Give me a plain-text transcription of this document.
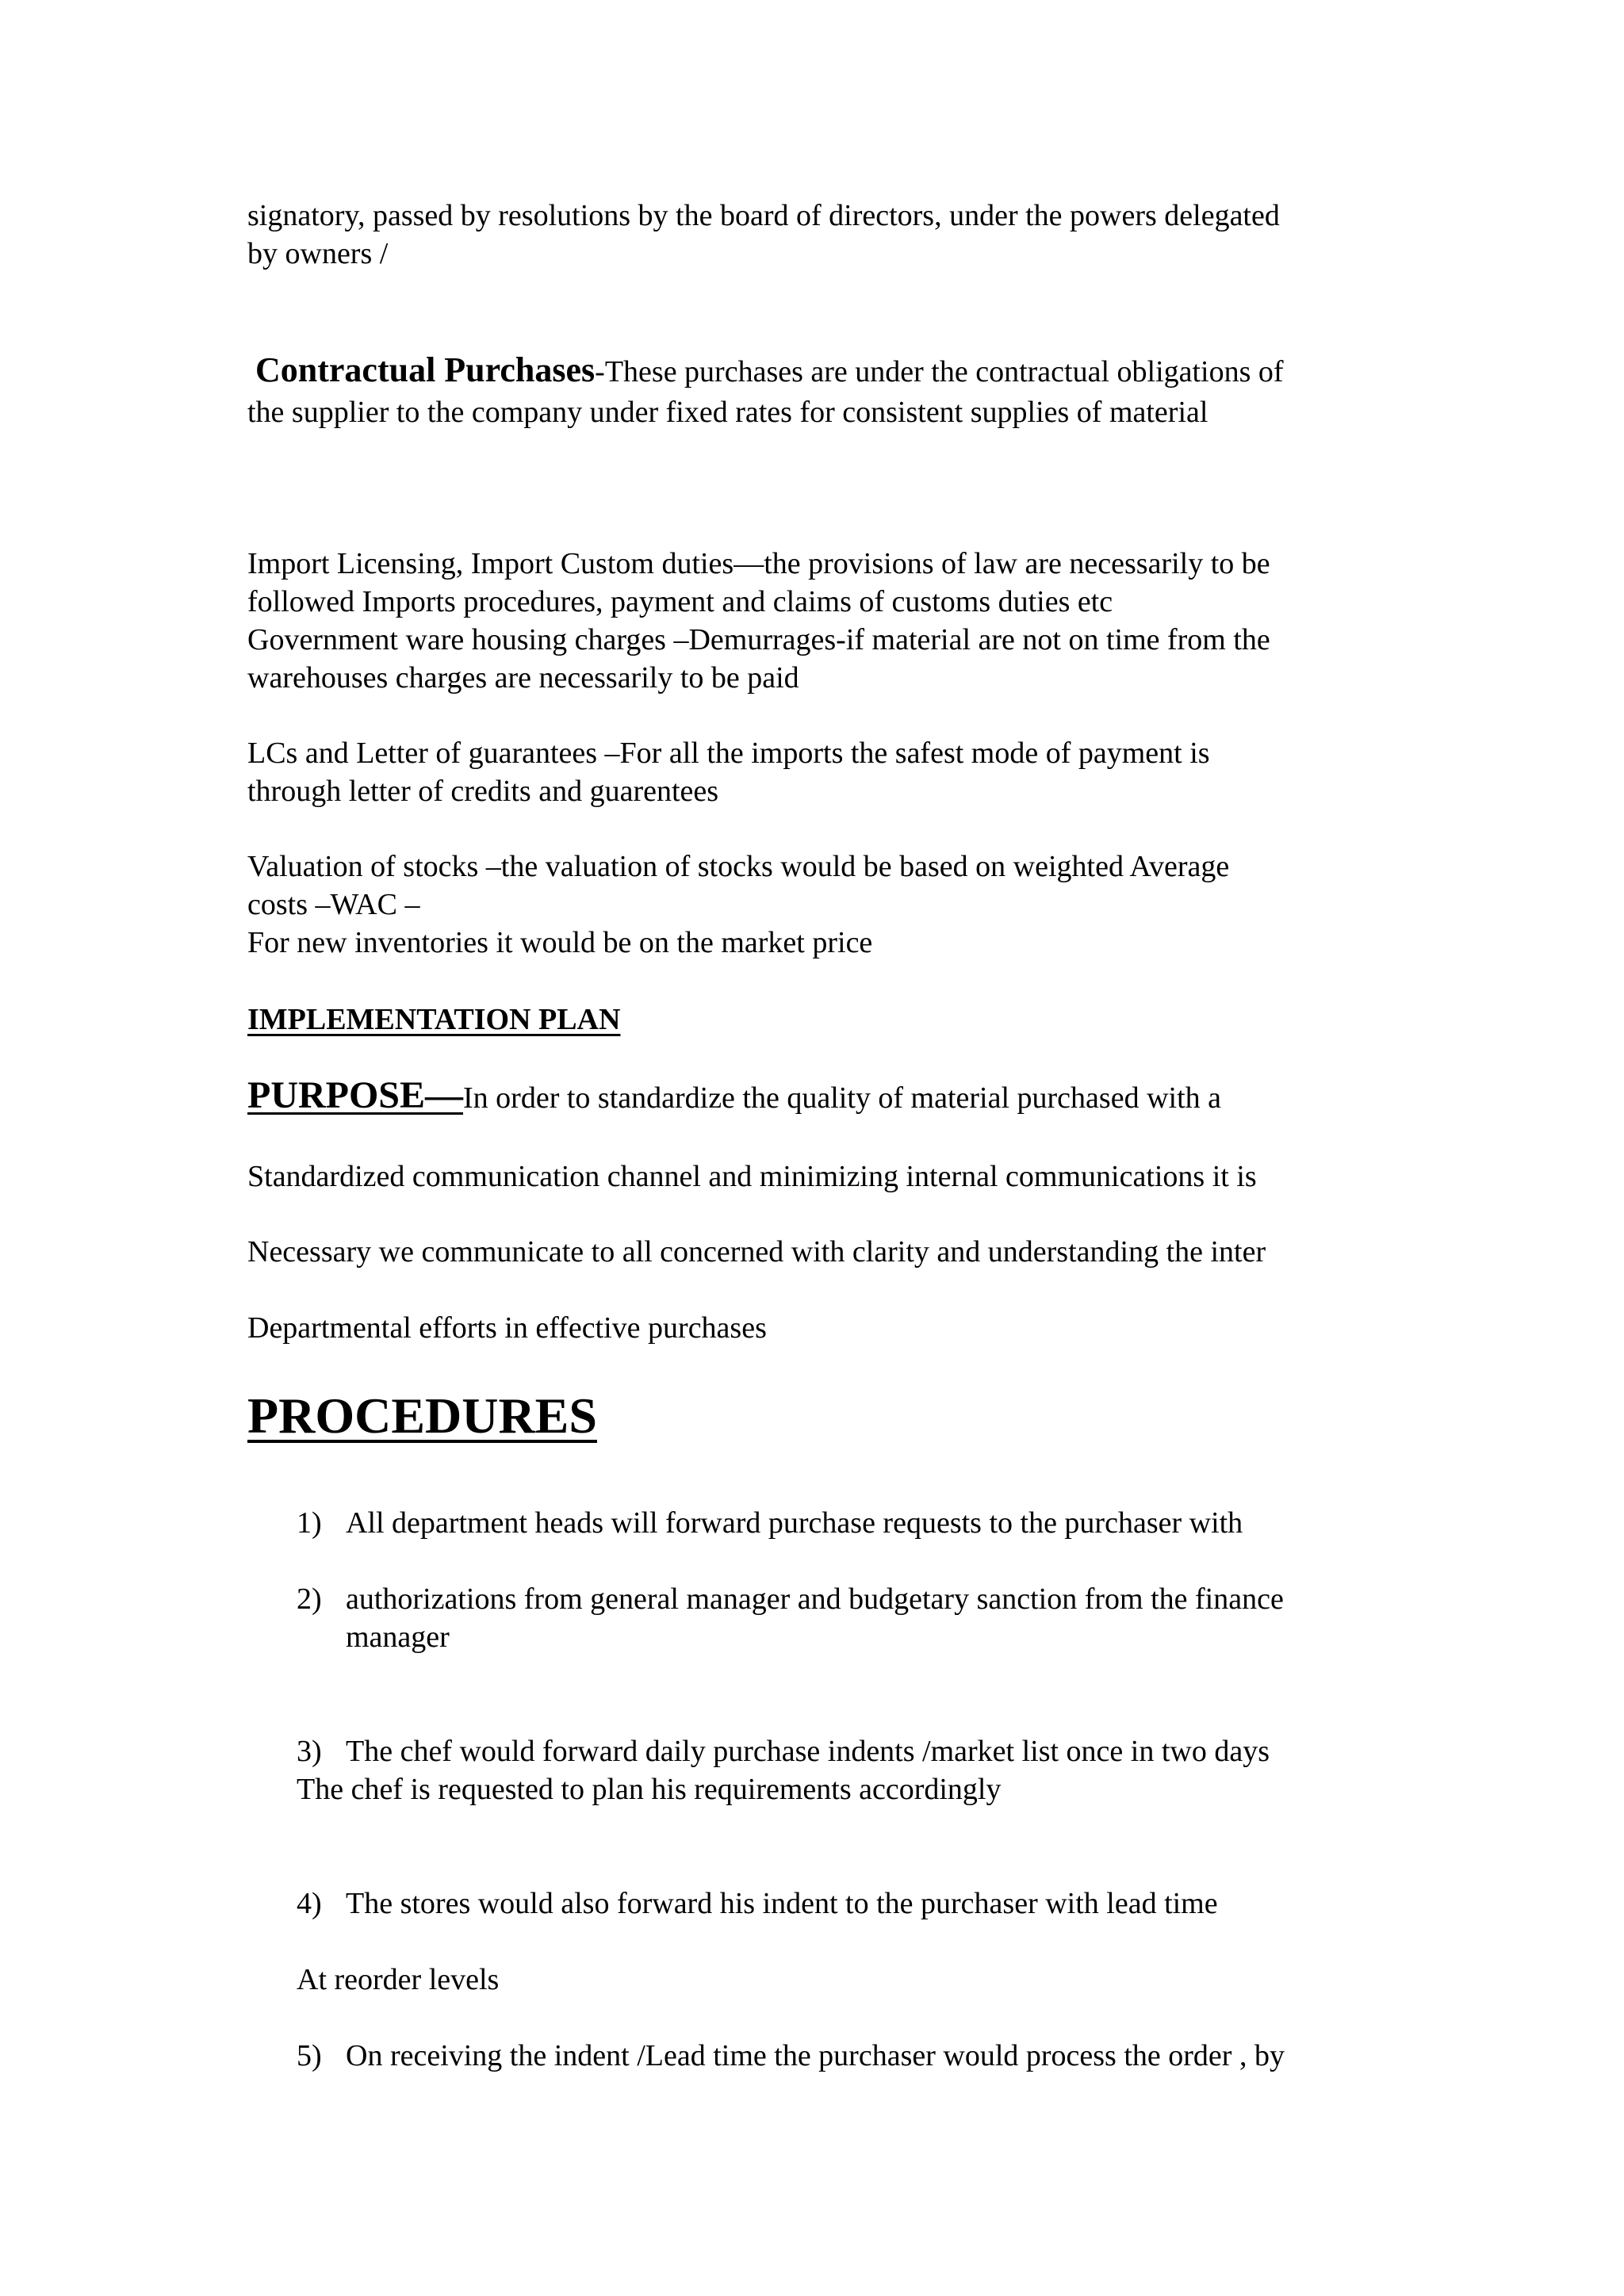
signatory, passed by resolutions by the board of directors, under the powers delegated
by owners /
Contractual Purchases-These purchases are under the contractual obligations of
the supplier to the company under fixed rates for consistent supplies of material
Import Licensing, Import Custom duties—the provisions of law are necessarily to be
followed Imports procedures, payment and claims of customs duties etc
Government ware housing charges –Demurrages-if material are not on time from the
warehouses charges are necessarily to be paid
LCs and Letter of guarantees –For all the imports the safest mode of payment is
through letter of credits and guarentees
Valuation of stocks –the valuation of stocks would be based on weighted Average
costs –WAC –
For new inventories it would be on the market price
IMPLEMENTATION PLAN
PURPOSE—In order to standardize the quality of material purchased with a
Standardized communication channel and minimizing internal communications it is
Necessary we communicate to all concerned with clarity and understanding the inter
Departmental efforts in effective purchases
PROCEDURES
1) All department heads will forward purchase requests to the purchaser with
2) authorizations from general manager and budgetary sanction from the finance
manager
3) The chef would forward daily purchase indents /market list once in two days
The chef is requested to plan his requirements accordingly
4) The stores would also forward his indent to the purchaser with lead time
At reorder levels
5) On receiving the indent /Lead time the purchaser would process the order , by
